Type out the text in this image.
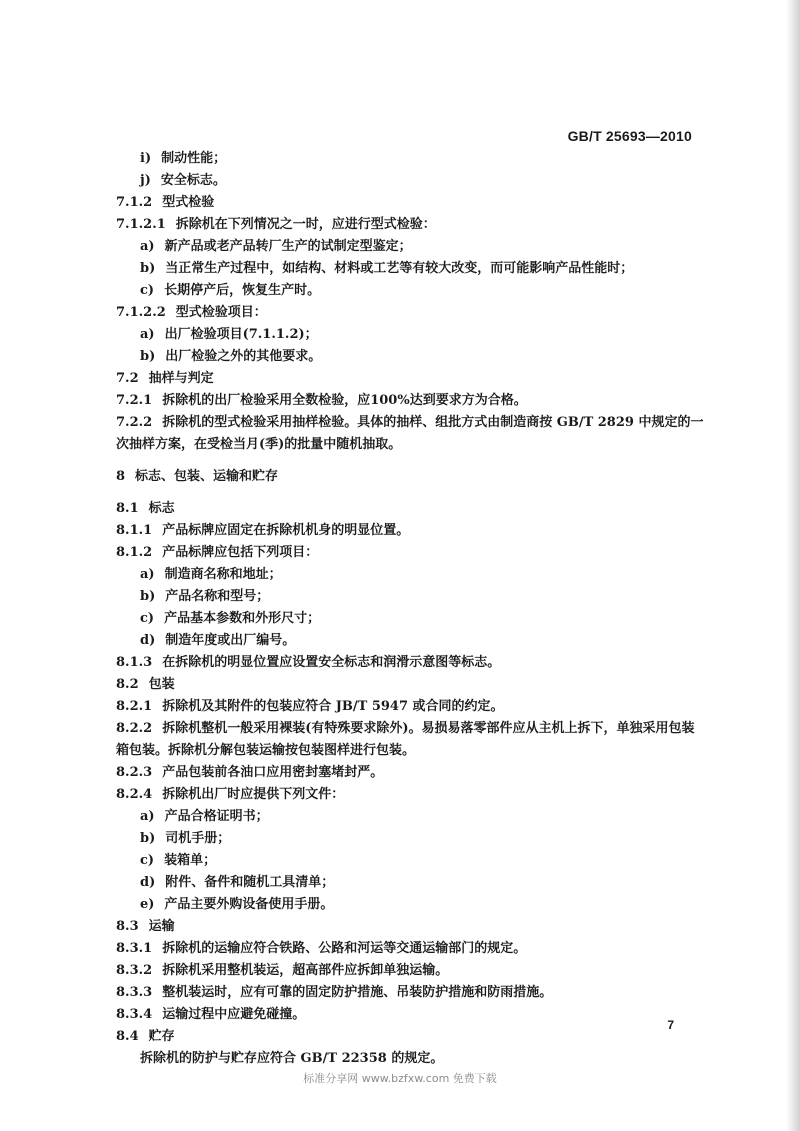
GB/T 25693—2010
i) 制动性能；
j) 安全标志。
7.1.2 型式检验
7.1.2.1 拆除机在下列情况之一时，应进行型式检验：
a) 新产品或老产品转厂生产的试制定型鉴定；
b) 当正常生产过程中，如结构、材料或工艺等有较大改变，而可能影响产品性能时；
c) 长期停产后，恢复生产时。
7.1.2.2 型式检验项目：
a) 出厂检验项目(7.1.1.2)；
b) 出厂检验之外的其他要求。
7.2 抽样与判定
7.2.1 拆除机的出厂检验采用全数检验，应100%达到要求方为合格。
7.2.2 拆除机的型式检验采用抽样检验。具体的抽样、组批方式由制造商按 GB/T 2829 中规定的一
次抽样方案，在受检当月(季)的批量中随机抽取。
8 标志、包装、运输和贮存
8.1 标志
8.1.1 产品标牌应固定在拆除机机身的明显位置。
8.1.2 产品标牌应包括下列项目：
a) 制造商名称和地址；
b) 产品名称和型号；
c) 产品基本参数和外形尺寸；
d) 制造年度或出厂编号。
8.1.3 在拆除机的明显位置应设置安全标志和润滑示意图等标志。
8.2 包装
8.2.1 拆除机及其附件的包装应符合 JB/T 5947 或合同的约定。
8.2.2 拆除机整机一般采用裸装(有特殊要求除外)。易损易落零部件应从主机上拆下，单独采用包装
箱包装。拆除机分解包装运输按包装图样进行包装。
8.2.3 产品包装前各油口应用密封塞堵封严。
8.2.4 拆除机出厂时应提供下列文件：
a) 产品合格证明书；
b) 司机手册；
c) 装箱单；
d) 附件、备件和随机工具清单；
e) 产品主要外购设备使用手册。
8.3 运输
8.3.1 拆除机的运输应符合铁路、公路和河运等交通运输部门的规定。
8.3.2 拆除机采用整机装运，超高部件应拆卸单独运输。
8.3.3 整机装运时，应有可靠的固定防护措施、吊装防护措施和防雨措施。
8.3.4 运输过程中应避免碰撞。
8.4 贮存
拆除机的防护与贮存应符合 GB/T 22358 的规定。
7
标准分享网 www.bzfxw.com 免费下载
